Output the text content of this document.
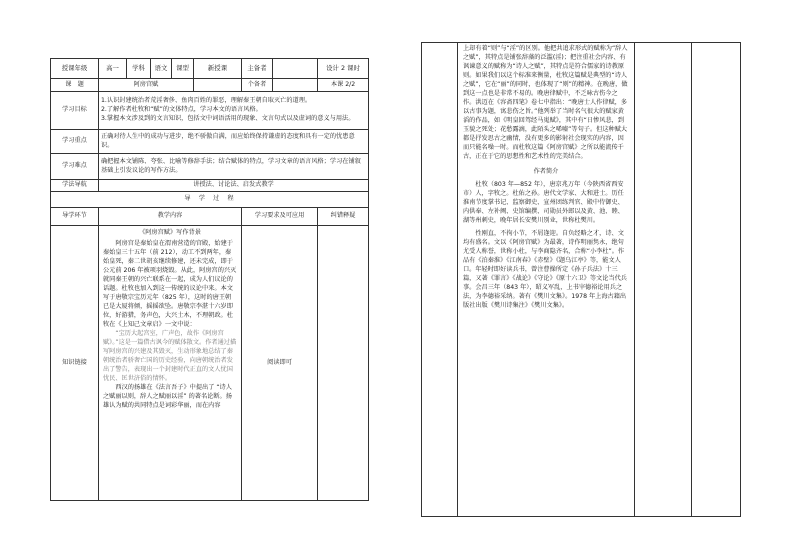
授课年级	高一	学科	语文	课型	新授课	主备者		设计 2 课时
课　题	阿房宫赋					个备者		本课 2/2
学习目标	1.认识封建统治者荒淫奢侈、鱼肉百姓的罪恶，理解秦王朝自取灭亡的道理。

2.了解作者杜牧和“赋”的文体特点，学习本文的语言风格。

3.掌握本文涉及到的文言知识，包括文中词语活用的现象、文言句式以及虚词的意义与用法。							

学习重点	正确对待人生中的成功与进步，绝不骄傲自满，而应始终保持谦虚的态度和具有一定的忧患意识。							
学习难点	确把握本文铺陈、夸张、比喻等修辞手法；结合赋体的特点，学习文章的语言风格；学习在铺叙基础上引发议论的写作方法。							
学法导航	讲授法、讨论法、启发式教学							
导　学　过　程								
导学环节	教学内容					学习要求及可应用		纠错释疑
知识链接	《阿房宫赋》写作背景

阿房宫是秦始皇在渭南营造的宫殿，始建于秦始皇三十五年（前 212），动工不到两年，秦始皇死，秦二世胡亥继续修建，还未完成，即于公元前 206 年被项羽烧毁。从此，阿房宫的兴灭就同秦王朝的兴亡联系在一起，成为人们议论的话题。杜牧也加入到这一传统的议论中来。本文写于唐敬宗宝历元年（825 年），这时的唐王朝已是大厦将倾，摇摇欲坠。唐敬宗李湛十六岁即位，好游猎，务声色，大兴土木，不理朝政。杜牧在《上知己文章启》一文中说：

“宝历大起宫室，广声色，故作《阿房宫赋》。”这是一篇借古讽今的赋体散文。作者通过描写阿房宫的兴建及其毁灭，生动形象地总结了秦朝统治者骄奢亡国的历史经验，向唐朝统治者发出了警告，表现出一个封建时代正直的文人忧国忧民、匡世济俗的情怀。

西汉的扬雄在《法言吾子》中提出了 “诗人之赋丽以则，辞人之赋丽以淫” 的著名论断。扬雄认为赋的共同特点是词彩华丽，而在内容					阅读即可		

上却有着“则”与“淫”的区别。他把共追求形式的赋称为“辞人之赋”，其特点是铺张辞藻的泛滥(淫)；把注重社会内容、有讽谏意义的赋称为“诗人之赋”，其特点是符合儒家的诗教原则。如果我们以这个标准来衡量，杜牧这篇赋是典型的“诗人之赋”，它在“丽”的同时，也体现了“则”的精神。在晚唐，做到这一点也是非常不易的。晚唐律赋中，不乏咏古伤今之作。洪迈在《容斋四笔》卷七中指出：“晚唐士人作律赋，多以古事为题，寓悲伤之旨。”他列举了当时名气很大的赋家黄滔的作品，如《明皇回驾经马嵬赋》，其中有“日惨风悲，到玉貌之死处；花愁露滴，此陌头之唏嘘”等句子。但这种赋大都是抒发思古之幽情，没有更多的影射社会现实的内容，因而只能名噪一时。而杜牧这篇《阿房宫赋》之所以能流传千古，正在于它的思想性和艺术性的完美结合。

作者简介

杜牧（803 年—852 年），唐京兆万年（今陕西省西安市）人，字牧之。杜佑之孙。唐代文学家、大和进士。历任淮南节度掌书记、监察御史、宣州团练判官、殿中侍御史、内供奉、左补阙、史馆编撰、司勋员外郎以及黄、池、睦、湖等州刺史，晚年居长安樊川别业，世称杜樊川。

性刚直，不拘小节，不屑逢迎。自负经略之才，诗、文均有盛名。文以《阿房宫赋》为最著，诗作明丽隽永，绝句尤受人称誉，世称小杜，与李商隐齐名，合称“小李杜”。作品有《泊秦淮》《江南春》《赤壁》《题乌江亭》等，能文人口。年轻时即好读兵书，曾注曹操所定《孙子兵法》十三篇，又著《罪言》《战论》《守论》《原十六卫》等文论当代兵事。会昌三年（843 年），昭义军乱，上书宰德裕论用兵之法，为李德裕采纳。著有《樊川文集》。1978 年上海古籍出版社出版《樊川诗集注》《樊川文集》。
